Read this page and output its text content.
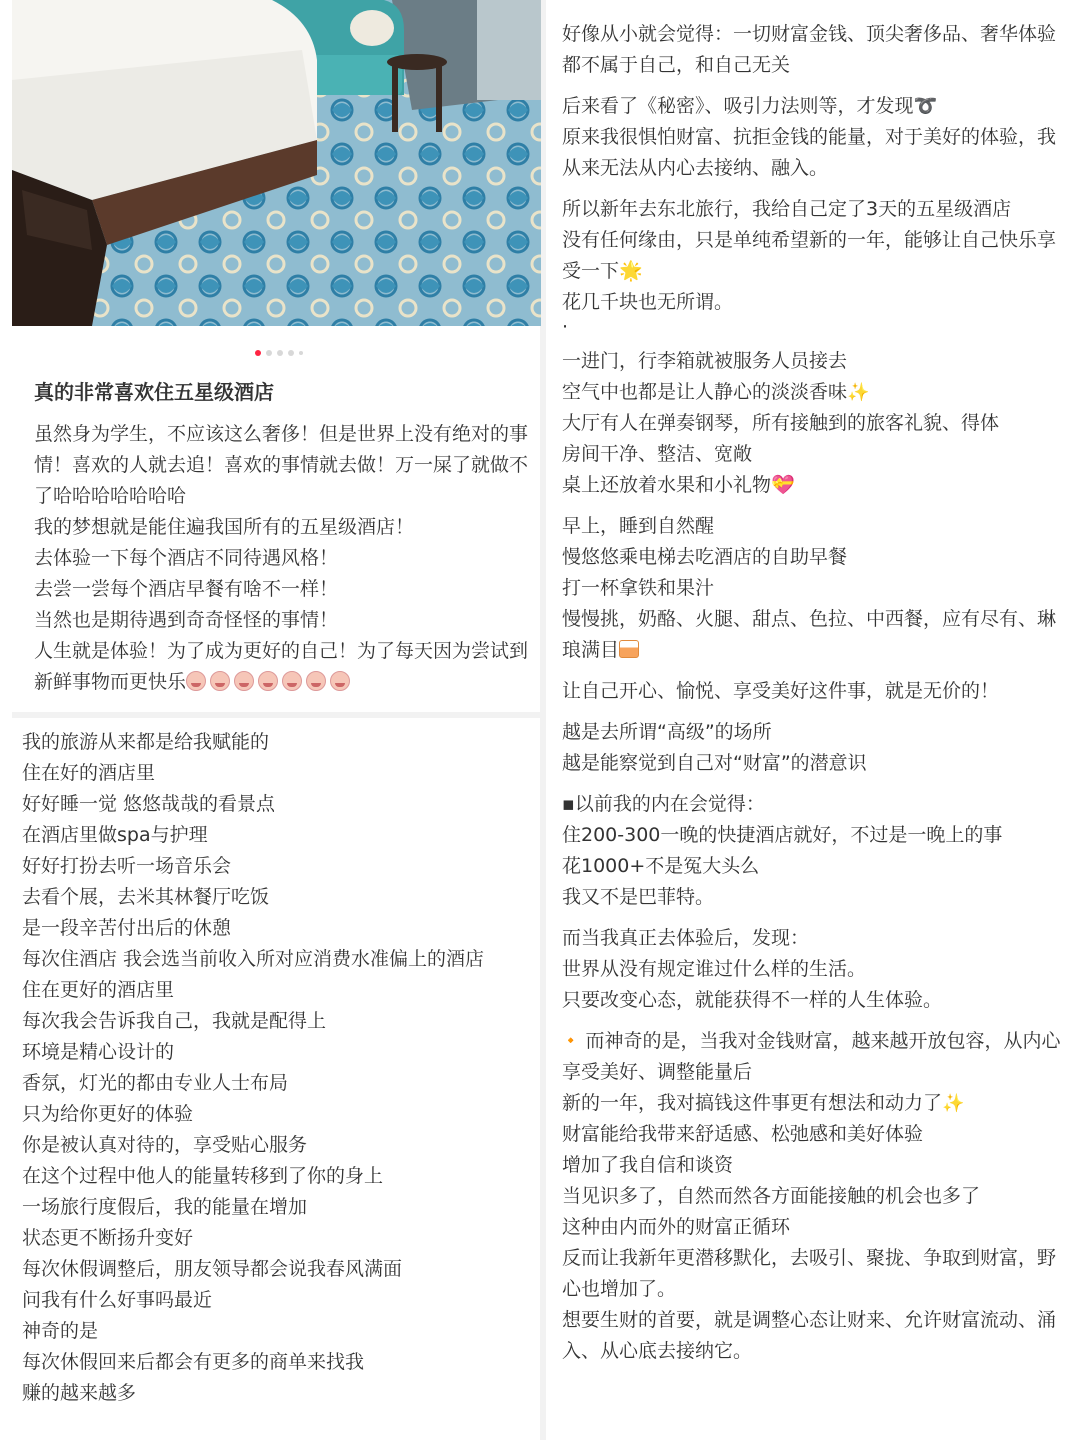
真的非常喜欢住五星级酒店

虽然身为学生，不应该这么奢侈！但是世界上没有绝对的事情！喜欢的人就去追！喜欢的事情就去做！万一屎了就做不了哈哈哈哈哈哈哈

我的梦想就是能住遍我国所有的五星级酒店！

去体验一下每个酒店不同待遇风格！

去尝一尝每个酒店早餐有啥不一样！

当然也是期待遇到奇奇怪怪的事情！

人生就是体验！为了成为更好的自己！为了每天因为尝试到新鲜事物而更快乐

我的旅游从来都是给我赋能的

住在好的酒店里

好好睡一觉 悠悠哉哉的看景点

在酒店里做spa与护理

好好打扮去听一场音乐会

去看个展，去米其林餐厅吃饭

是一段辛苦付出后的休憩

每次住酒店 我会选当前收入所对应消费水准偏上的酒店

住在更好的酒店里

每次我会告诉我自己，我就是配得上

环境是精心设计的

香氛，灯光的都由专业人士布局

只为给你更好的体验

你是被认真对待的，享受贴心服务

在这个过程中他人的能量转移到了你的身上

一场旅行度假后，我的能量在增加

状态更不断扬升变好

每次休假调整后，朋友领导都会说我春风满面

问我有什么好事吗最近

神奇的是

每次休假回来后都会有更多的商单来找我

赚的越来越多

好像从小就会觉得：一切财富金钱、顶尖奢侈品、奢华体验都不属于自己，和自己无关

后来看了《秘密》、吸引力法则等，才发现➰

原来我很惧怕财富、抗拒金钱的能量，对于美好的体验，我从来无法从内心去接纳、融入。

所以新年去东北旅行，我给自己定了3天的五星级酒店

没有任何缘由，只是单纯希望新的一年，能够让自己快乐享受一下🌟

花几千块也无所谓。

·

一进门，行李箱就被服务人员接去

空气中也都是让人静心的淡淡香味✨

大厅有人在弹奏钢琴，所有接触到的旅客礼貌、得体

房间干净、整洁、宽敞

桌上还放着水果和小礼物💝

早上，睡到自然醒

慢悠悠乘电梯去吃酒店的自助早餐

打一杯拿铁和果汁

慢慢挑，奶酪、火腿、甜点、色拉、中西餐，应有尽有、琳琅满目

让自己开心、愉悦、享受美好这件事，就是无价的！

越是去所谓“高级”的场所

越是能察觉到自己对“财富”的潜意识

▪以前我的内在会觉得：

住200-300一晚的快捷酒店就好，不过是一晚上的事

花1000+不是冤大头么

我又不是巴菲特。

而当我真正去体验后，发现：

世界从没有规定谁过什么样的生活。

只要改变心态，就能获得不一样的人生体验。

🔸 而神奇的是，当我对金钱财富，越来越开放包容，从内心享受美好、调整能量后

新的一年，我对搞钱这件事更有想法和动力了✨

财富能给我带来舒适感、松弛感和美好体验

增加了我自信和谈资

当见识多了，自然而然各方面能接触的机会也多了

这种由内而外的财富正循环

反而让我新年更潜移默化，去吸引、聚拢、争取到财富，野心也增加了。

想要生财的首要，就是调整心态让财来、允许财富流动、涌入、从心底去接纳它。
